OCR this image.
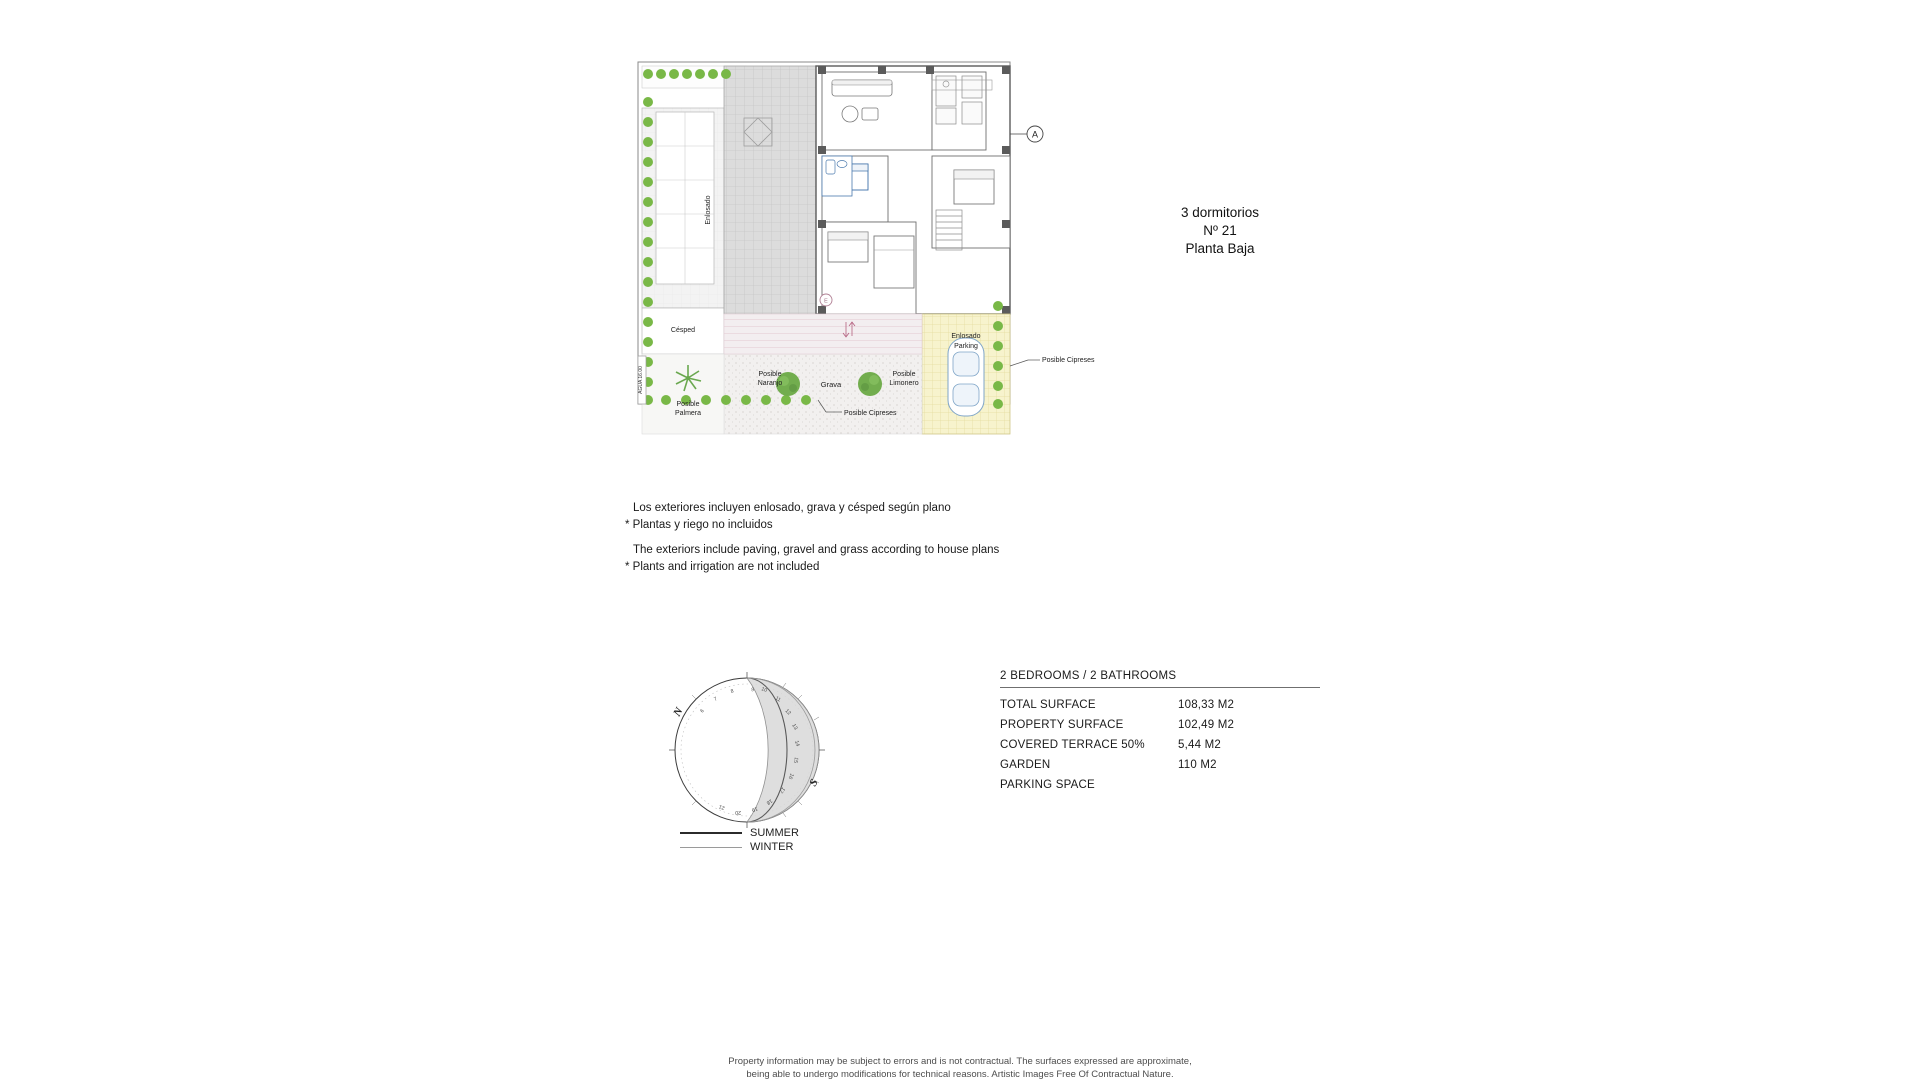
E
A
Enlosado
Césped
Enlosado
Parking
Grava
Posible
Palmera
Posible
Naranjo
Posible
Limonero
Posible Cipreses
Posible Cipreses
AGUA 16.00
3 dormitorios
Nº 21
Planta Baja
Los exteriores incluyen enlosado, grava y césped según plano
* Plantas y riego no incluidos
The exteriors include paving, gravel and grass according to house plans
* Plants and irrigation are not included
10
11
12
13
14
15
16
17
18
19
20
21
9
8
7
6
N
S
SUMMER
WINTER
2 BEDROOMS / 2 BATHROOMS
TOTAL SURFACE	108,33 M2
PROPERTY SURFACE	102,49 M2
COVERED TERRACE 50%	5,44 M2
GARDEN	110 M2
PARKING SPACE
Property information may be subject to errors and is not contractual. The surfaces expressed are approximate,
being able to undergo modifications for technical reasons. Artistic Images Free Of Contractual Nature.
